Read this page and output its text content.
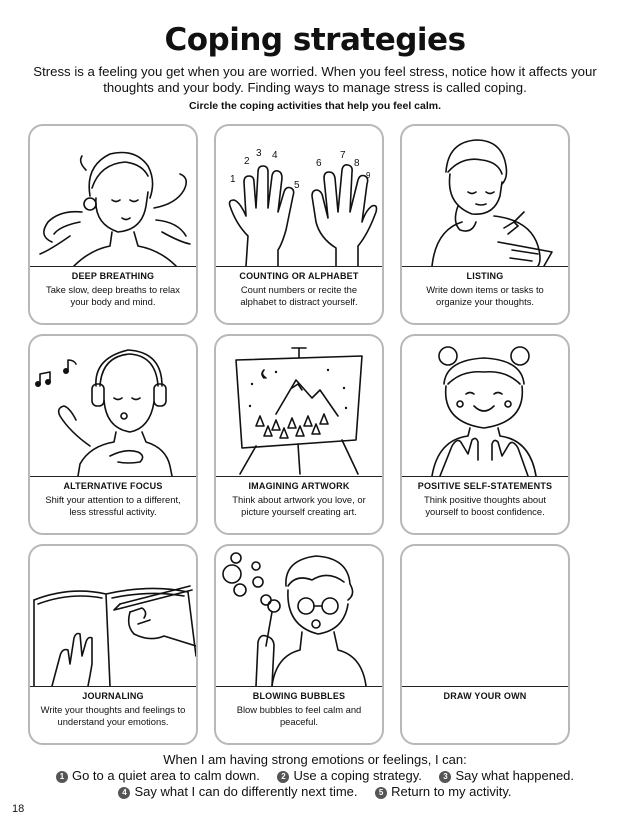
Coping strategies
Stress is a feeling you get when you are worried. When you feel stress, notice how it affects your thoughts and your body. Finding ways to manage stress is called coping.
Circle the coping activities that help you feel calm.
DEEP BREATHING
Take slow, deep breaths to relax your body and mind.
1
2
3 4
5
6
7
8
9
COUNTING OR ALPHABET
Count numbers or recite the alphabet to distract yourself.
LISTING
Write down items or tasks to organize your thoughts.
ALTERNATIVE FOCUS
Shift your attention to a different, less stressful activity.
IMAGINING ARTWORK
Think about artwork you love, or picture yourself creating art.
POSITIVE SELF-STATEMENTS
Think positive thoughts about yourself to boost confidence.
JOURNALING
Write your thoughts and feelings to understand your emotions.
BLOWING BUBBLES
Blow bubbles to feel calm and peaceful.
DRAW YOUR OWN
When I am having strong emotions or feelings, I can:
1 Go to a quiet area to calm down.	2 Use a coping strategy.	3 Say what happened.
4 Say what I can do differently next time.	5 Return to my activity.
18
